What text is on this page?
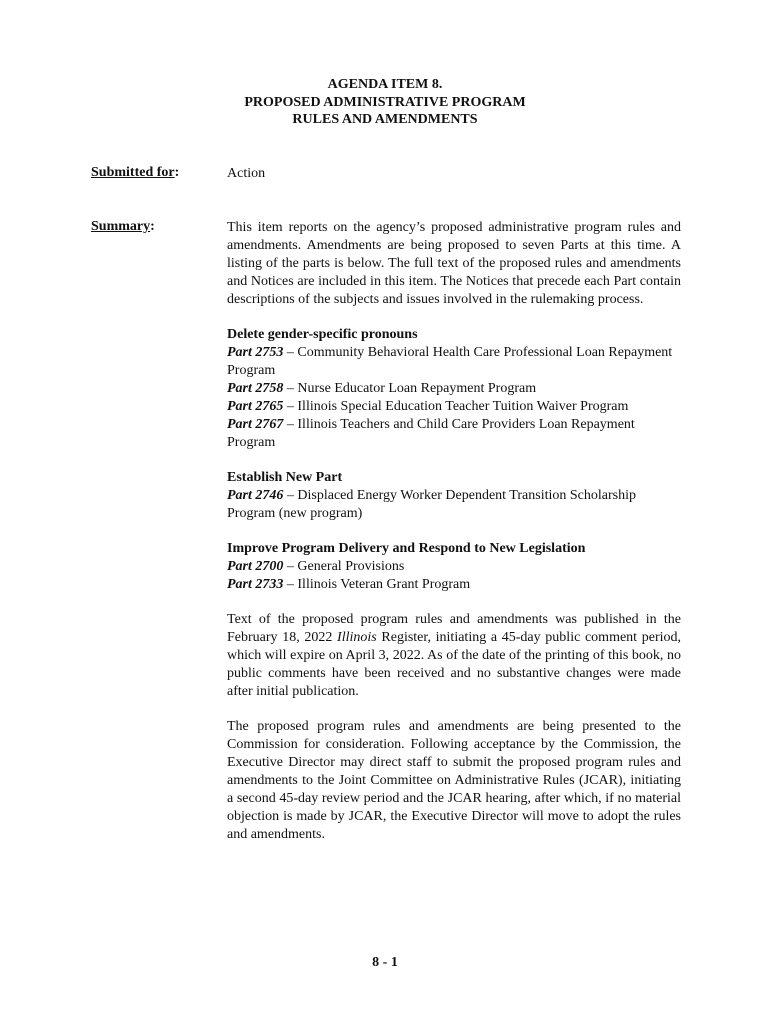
AGENDA ITEM 8.
PROPOSED ADMINISTRATIVE PROGRAM
RULES AND AMENDMENTS
Submitted for:	Action
Summary:	This item reports on the agency’s proposed administrative program rules and amendments. Amendments are being proposed to seven Parts at this time. A listing of the parts is below. The full text of the proposed rules and amendments and Notices are included in this item. The Notices that precede each Part contain descriptions of the subjects and issues involved in the rulemaking process.

Delete gender-specific pronouns
Part 2753 – Community Behavioral Health Care Professional Loan Repayment Program
Part 2758 – Nurse Educator Loan Repayment Program
Part 2765 – Illinois Special Education Teacher Tuition Waiver Program
Part 2767 – Illinois Teachers and Child Care Providers Loan Repayment Program
Establish New Part
Part 2746 – Displaced Energy Worker Dependent Transition Scholarship Program (new program)
Improve Program Delivery and Respond to New Legislation
Part 2700 – General Provisions
Part 2733 – Illinois Veteran Grant Program

Text of the proposed program rules and amendments was published in the February 18, 2022 Illinois Register, initiating a 45-day public comment period, which will expire on April 3, 2022. As of the date of the printing of this book, no public comments have been received and no substantive changes were made after initial publication.

The proposed program rules and amendments are being presented to the Commission for consideration. Following acceptance by the Commission, the Executive Director may direct staff to submit the proposed program rules and amendments to the Joint Committee on Administrative Rules (JCAR), initiating a second 45-day review period and the JCAR hearing, after which, if no material objection is made by JCAR, the Executive Director will move to adopt the rules and amendments.

8 - 1
